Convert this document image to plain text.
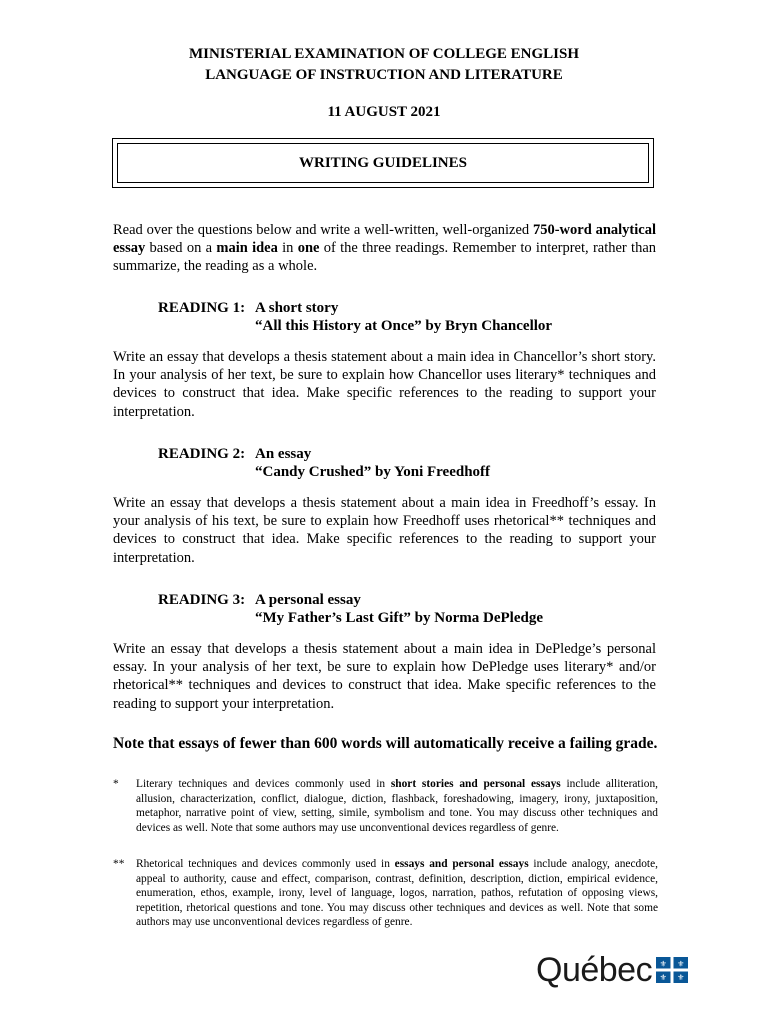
MINISTERIAL EXAMINATION OF COLLEGE ENGLISH
LANGUAGE OF INSTRUCTION AND LITERATURE
11 AUGUST 2021
WRITING GUIDELINES
Read over the questions below and write a well-written, well-organized 750-word analytical essay based on a main idea in one of the three readings. Remember to interpret, rather than summarize, the reading as a whole.
READING 1: A short story
“All this History at Once” by Bryn Chancellor
Write an essay that develops a thesis statement about a main idea in Chancellor’s short story. In your analysis of her text, be sure to explain how Chancellor uses literary* techniques and devices to construct that idea. Make specific references to the reading to support your interpretation.
READING 2: An essay
“Candy Crushed” by Yoni Freedhoff
Write an essay that develops a thesis statement about a main idea in Freedhoff’s essay. In your analysis of his text, be sure to explain how Freedhoff uses rhetorical** techniques and devices to construct that idea. Make specific references to the reading to support your interpretation.
READING 3: A personal essay
“My Father’s Last Gift” by Norma DePledge
Write an essay that develops a thesis statement about a main idea in DePledge’s personal essay. In your analysis of her text, be sure to explain how DePledge uses literary* and/or rhetorical** techniques and devices to construct that idea. Make specific references to the reading to support your interpretation.
Note that essays of fewer than 600 words will automatically receive a failing grade.
* Literary techniques and devices commonly used in short stories and personal essays include alliteration, allusion, characterization, conflict, dialogue, diction, flashback, foreshadowing, imagery, irony, juxtaposition, metaphor, narrative point of view, setting, simile, symbolism and tone. You may discuss other techniques and devices as well. Note that some authors may use unconventional devices regardless of genre.
** Rhetorical techniques and devices commonly used in essays and personal essays include analogy, anecdote, appeal to authority, cause and effect, comparison, contrast, definition, description, diction, empirical evidence, enumeration, ethos, example, irony, level of language, logos, narration, pathos, refutation of opposing views, repetition, rhetorical questions and tone. You may discuss other techniques and devices as well. Note that some authors may use unconventional devices regardless of genre.
Québec ⚜ ⚜
⚜ ⚜
